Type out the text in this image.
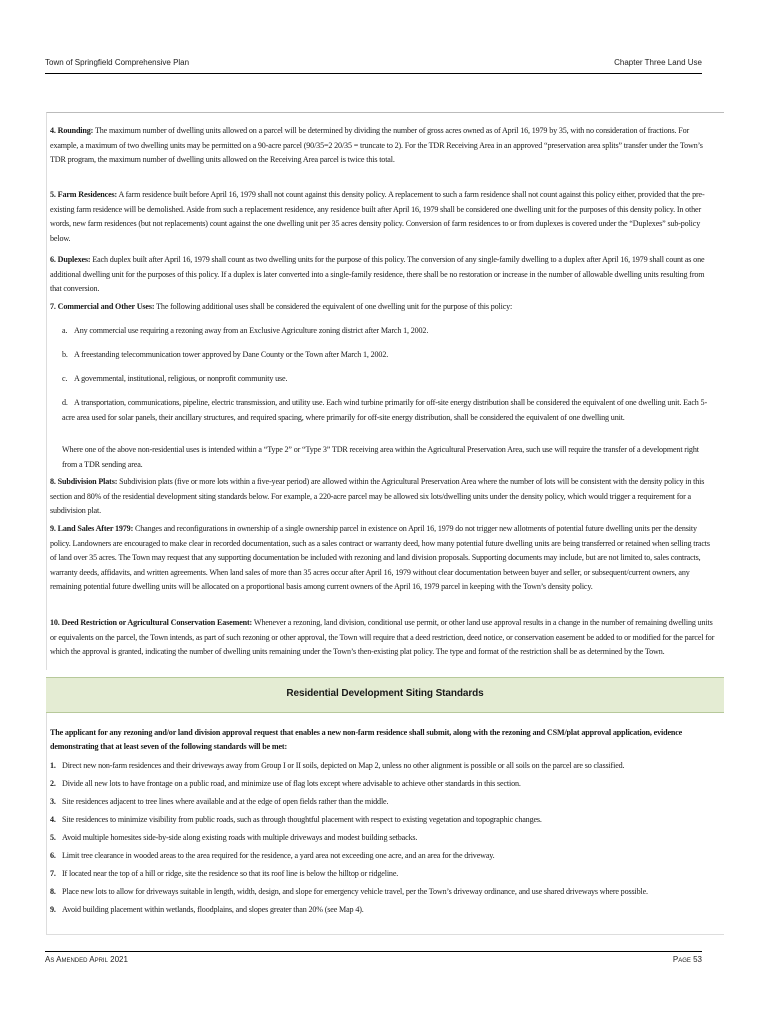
Town of Springfield Comprehensive Plan	Chapter Three Land Use
4. Rounding: The maximum number of dwelling units allowed on a parcel will be determined by dividing the number of gross acres owned as of April 16, 1979 by 35, with no consideration of fractions. For example, a maximum of two dwelling units may be permitted on a 90-acre parcel (90/35=2 20/35 = truncate to 2). For the TDR Receiving Area in an approved “preservation area splits” transfer under the Town’s TDR program, the maximum number of dwelling units allowed on the Receiving Area parcel is twice this total.
5. Farm Residences: A farm residence built before April 16, 1979 shall not count against this density policy. A replacement to such a farm residence shall not count against this policy either, provided that the pre-existing farm residence will be demolished. Aside from such a replacement residence, any residence built after April 16, 1979 shall be considered one dwelling unit for the purposes of this density policy. In other words, new farm residences (but not replacements) count against the one dwelling unit per 35 acres density policy. Conversion of farm residences to or from duplexes is covered under the “Duplexes” sub-policy below.
6. Duplexes: Each duplex built after April 16, 1979 shall count as two dwelling units for the purpose of this policy. The conversion of any single-family dwelling to a duplex after April 16, 1979 shall count as one additional dwelling unit for the purposes of this policy. If a duplex is later converted into a single-family residence, there shall be no restoration or increase in the number of allowable dwelling units resulting from that conversion.
7. Commercial and Other Uses: The following additional uses shall be considered the equivalent of one dwelling unit for the purpose of this policy:
a. Any commercial use requiring a rezoning away from an Exclusive Agriculture zoning district after March 1, 2002.
b. A freestanding telecommunication tower approved by Dane County or the Town after March 1, 2002.
c. A governmental, institutional, religious, or nonprofit community use.
d. A transportation, communications, pipeline, electric transmission, and utility use. Each wind turbine primarily for off-site energy distribution shall be considered the equivalent of one dwelling unit. Each 5-acre area used for solar panels, their ancillary structures, and required spacing, where primarily for off-site energy distribution, shall be considered the equivalent of one dwelling unit.
Where one of the above non-residential uses is intended within a “Type 2” or “Type 3” TDR receiving area within the Agricultural Preservation Area, such use will require the transfer of a development right from a TDR sending area.
8. Subdivision Plats: Subdivision plats (five or more lots within a five-year period) are allowed within the Agricultural Preservation Area where the number of lots will be consistent with the density policy in this section and 80% of the residential development siting standards below. For example, a 220-acre parcel may be allowed six lots/dwelling units under the density policy, which would trigger a requirement for a subdivision plat.
9. Land Sales After 1979: Changes and reconfigurations in ownership of a single ownership parcel in existence on April 16, 1979 do not trigger new allotments of potential future dwelling units per the density policy. Landowners are encouraged to make clear in recorded documentation, such as a sales contract or warranty deed, how many potential future dwelling units are being transferred or retained when selling tracts of land over 35 acres. The Town may request that any supporting documentation be included with rezoning and land division proposals. Supporting documents may include, but are not limited to, sales contracts, warranty deeds, affidavits, and written agreements. When land sales of more than 35 acres occur after April 16, 1979 without clear documentation between buyer and seller, or subsequent/current owners, any remaining potential future dwelling units will be allocated on a proportional basis among current owners of the April 16, 1979 parcel in keeping with the Town’s density policy.
10. Deed Restriction or Agricultural Conservation Easement: Whenever a rezoning, land division, conditional use permit, or other land use approval results in a change in the number of remaining dwelling units or equivalents on the parcel, the Town intends, as part of such rezoning or other approval, the Town will require that a deed restriction, deed notice, or conservation easement be added to or modified for the parcel for which the approval is granted, indicating the number of dwelling units remaining under the Town’s then-existing plat policy. The type and format of the restriction shall be as determined by the Town.
Residential Development Siting Standards
The applicant for any rezoning and/or land division approval request that enables a new non-farm residence shall submit, along with the rezoning and CSM/plat approval application, evidence demonstrating that at least seven of the following standards will be met:
1. Direct new non-farm residences and their driveways away from Group I or II soils, depicted on Map 2, unless no other alignment is possible or all soils on the parcel are so classified.
2. Divide all new lots to have frontage on a public road, and minimize use of flag lots except where advisable to achieve other standards in this section.
3. Site residences adjacent to tree lines where available and at the edge of open fields rather than the middle.
4. Site residences to minimize visibility from public roads, such as through thoughtful placement with respect to existing vegetation and topographic changes.
5. Avoid multiple homesites side-by-side along existing roads with multiple driveways and modest building setbacks.
6. Limit tree clearance in wooded areas to the area required for the residence, a yard area not exceeding one acre, and an area for the driveway.
7. If located near the top of a hill or ridge, site the residence so that its roof line is below the hilltop or ridgeline.
8. Place new lots to allow for driveways suitable in length, width, design, and slope for emergency vehicle travel, per the Town’s driveway ordinance, and use shared driveways where possible.
9. Avoid building placement within wetlands, floodplains, and slopes greater than 20% (see Map 4).
As Amended April 2021	Page 53
